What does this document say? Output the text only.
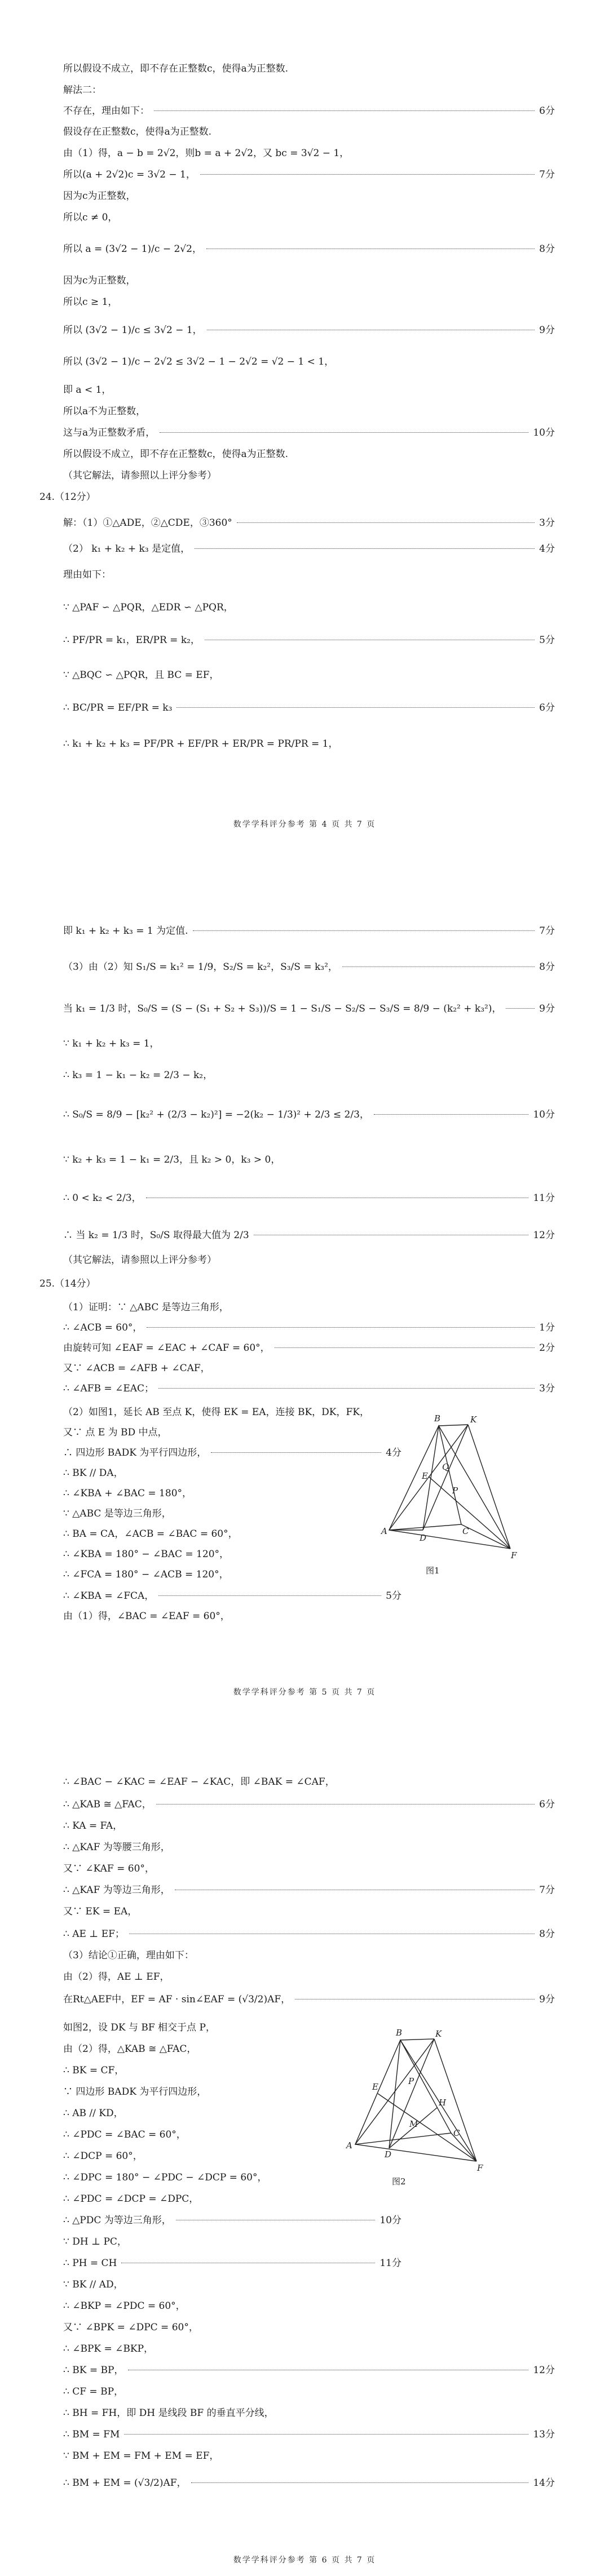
所以假设不成立，即不存在正整数c，使得a为正整数.
解法二：
不存在，理由如下：	6分
假设存在正整数c，使得a为正整数.
由（1）得，a − b = 2√2，则b = a + 2√2，又 bc = 3√2 − 1，
所以(a + 2√2)c = 3√2 − 1，	7分
因为c为正整数，
所以c ≠ 0，
所以 a = (3√2 − 1)/c − 2√2，	8分
因为c为正整数，
所以c ≥ 1，
所以 (3√2 − 1)/c ≤ 3√2 − 1，	9分
所以 (3√2 − 1)/c − 2√2 ≤ 3√2 − 1 − 2√2 = √2 − 1 < 1，
即 a < 1，
所以a不为正整数，
这与a为正整数矛盾，	10分
所以假设不成立，即不存在正整数c，使得a为正整数.
（其它解法，请参照以上评分参考）
24.（12分）
解：（1）①△ADE，②△CDE，③360°	3分
（2） k₁ + k₂ + k₃ 是定值，	4分
理由如下：
∵ △PAF ∽ △PQR，△EDR ∽ △PQR，
∴ PF/PR = k₁，ER/PR = k₂，	5分
∵ △BQC ∽ △PQR，且 BC = EF，
∴ BC/PR = EF/PR = k₃	6分
∴ k₁ + k₂ + k₃ = PF/PR + EF/PR + ER/PR = PR/PR = 1，
数学学科评分参考 第 4 页 共 7 页
即 k₁ + k₂ + k₃ = 1 为定值.	7分
（3）由（2）知 S₁/S = k₁² = 1/9，S₂/S = k₂²，S₃/S = k₃²，	8分
当 k₁ = 1/3 时，S₀/S = (S − (S₁ + S₂ + S₃))/S = 1 − S₁/S − S₂/S − S₃/S = 8/9 − (k₂² + k₃²)，	9分
∵ k₁ + k₂ + k₃ = 1，
∴ k₃ = 1 − k₁ − k₂ = 2/3 − k₂，
∴ S₀/S = 8/9 − [k₂² + (2/3 − k₂)²] = −2(k₂ − 1/3)² + 2/3 ≤ 2/3，	10分
∵ k₂ + k₃ = 1 − k₁ = 2/3，且 k₂ > 0，k₃ > 0，
∴ 0 < k₂ < 2/3，	11分
∴ 当 k₂ = 1/3 时，S₀/S 取得最大值为 2/3	12分
（其它解法，请参照以上评分参考）
25.（14分）
（1）证明：∵ △ABC 是等边三角形，
∴ ∠ACB = 60°，	1分
由旋转可知 ∠EAF = ∠EAC + ∠CAF = 60°，	2分
又∵ ∠ACB = ∠AFB + ∠CAF，
∴ ∠AFB = ∠EAC；	3分
（2）如图1，延长 AB 至点 K，使得 EK = EA，连接 BK，DK，FK，
又∵ 点 E 为 BD 中点，
∴ 四边形 BADK 为平行四边形，	4分
∴ BK // DA，
∴ ∠KBA + ∠BAC = 180°，
∵ △ABC 是等边三角形，
∴ BA = CA，∠ACB = ∠BAC = 60°，
∴ ∠KBA = 180° − ∠BAC = 120°，
∴ ∠FCA = 180° − ∠ACB = 120°，
∴ ∠KBA = ∠FCA，	5分
由（1）得，∠BAC = ∠EAF = 60°，
B	K
E
Q
P
A
D
C
F
图1
数学学科评分参考 第 5 页 共 7 页
∴ ∠BAC − ∠KAC = ∠EAF − ∠KAC，即 ∠BAK = ∠CAF，
∴ △KAB ≅ △FAC，	6分
∴ KA = FA，
∴ △KAF 为等腰三角形，
又∵ ∠KAF = 60°，
∴ △KAF 为等边三角形，	7分
又∵ EK = EA，
∴ AE ⊥ EF；	8分
（3）结论①正确，理由如下：
由（2）得，AE ⊥ EF，
在Rt△AEF中，EF = AF · sin∠EAF = (√3/2)AF，	9分
如图2，设 DK 与 BF 相交于点 P，
由（2）得，△KAB ≅ △FAC，
∴ BK = CF，
∵ 四边形 BADK 为平行四边形，
∴ AB // KD，
∴ ∠PDC = ∠BAC = 60°，
∴ ∠DCP = 60°，
∴ ∠DPC = 180° − ∠PDC − ∠DCP = 60°，
∴ ∠PDC = ∠DCP = ∠DPC，
∴ △PDC 为等边三角形，	10分
∵ DH ⊥ PC，
∴ PH = CH	11分
∵ BK // AD，
∴ ∠BKP = ∠PDC = 60°，
又∵ ∠BPK = ∠DPC = 60°，
∴ ∠BPK = ∠BKP，
∴ BK = BP，	12分
∴ CF = BP，
∴ BH = FH，即 DH 是线段 BF 的垂直平分线，
∴ BM = FM	13分
∵ BM + EM = FM + EM = EF，
∴ BM + EM = (√3/2)AF，	14分
B	K
E
P
H
M
A
D
C
F
图2
数学学科评分参考 第 6 页 共 7 页
